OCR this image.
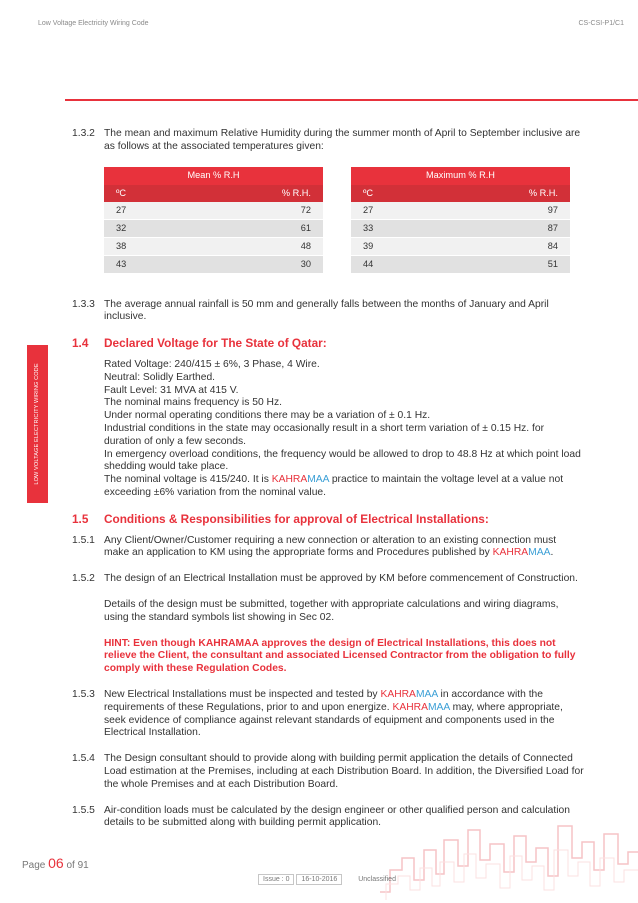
Low Voltage Electricity Wiring Code	CS-CSI-P1/C1
LOW VOLTAGE ELECTRICITY WIRING CODE
1.3.2 The mean and maximum Relative Humidity during the summer month of April to September inclusive are as follows at the associated temperatures given:
Mean % R.H	
ºC	% R.H.
27	72
32	61
38	48
43	30
Maximum % R.H	
ºC	% R.H.
27	97
33	87
39	84
44	51
1.3.3 The average annual rainfall is 50 mm and generally falls between the months of January and April inclusive.
1.4	Declared Voltage for The State of Qatar:

Rated Voltage: 240/415 ± 6%, 3 Phase, 4 Wire.

Neutral: Solidly Earthed.

Fault Level: 31 MVA at 415 V.

The nominal mains frequency is 50 Hz.

Under normal operating conditions there may be a variation of ± 0.1 Hz.

Industrial conditions in the state may occasionally result in a short term variation of ± 0.15 Hz. for duration of only a few seconds.

In emergency overload conditions, the frequency would be allowed to drop to 48.8 Hz at which point load shedding would take place.

The nominal voltage is 415/240. It is KAHRAMAA practice to maintain the voltage level at a value not exceeding ±6% variation from the nominal value.

1.5	Conditions & Responsibilities for approval of Electrical Installations:
1.5.1 Any Client/Owner/Customer requiring a new connection or alteration to an existing connection must make an application to KM using the appropriate forms and Procedures published by KAHRAMAA.
1.5.2 The design of an Electrical Installation must be approved by KM before commencement of Construction.
Details of the design must be submitted, together with appropriate calculations and wiring diagrams, using the standard symbols list showing in Sec 02.
HINT: Even though KAHRAMAA approves the design of Electrical Installations, this does not relieve the Client, the consultant and associated Licensed Contractor from the obligation to fully comply with these Regulation Codes.
1.5.3 New Electrical Installations must be inspected and tested by KAHRAMAA in accordance with the requirements of these Regulations, prior to and upon energize. KAHRAMAA may, where appropriate, seek evidence of compliance against relevant standards of equipment and components used in the Electrical Installation.
1.5.4 The Design consultant should to provide along with building permit application the details of Connected Load estimation at the Premises, including at each Distribution Board. In addition, the Diversified Load for the whole Premises and at each Distribution Board.
1.5.5 Air-condition loads must be calculated by the design engineer or other qualified person and calculation details to be submitted along with building permit application.
Page 06 of 91
Issue : 0 16-10-2016	Unclassified
